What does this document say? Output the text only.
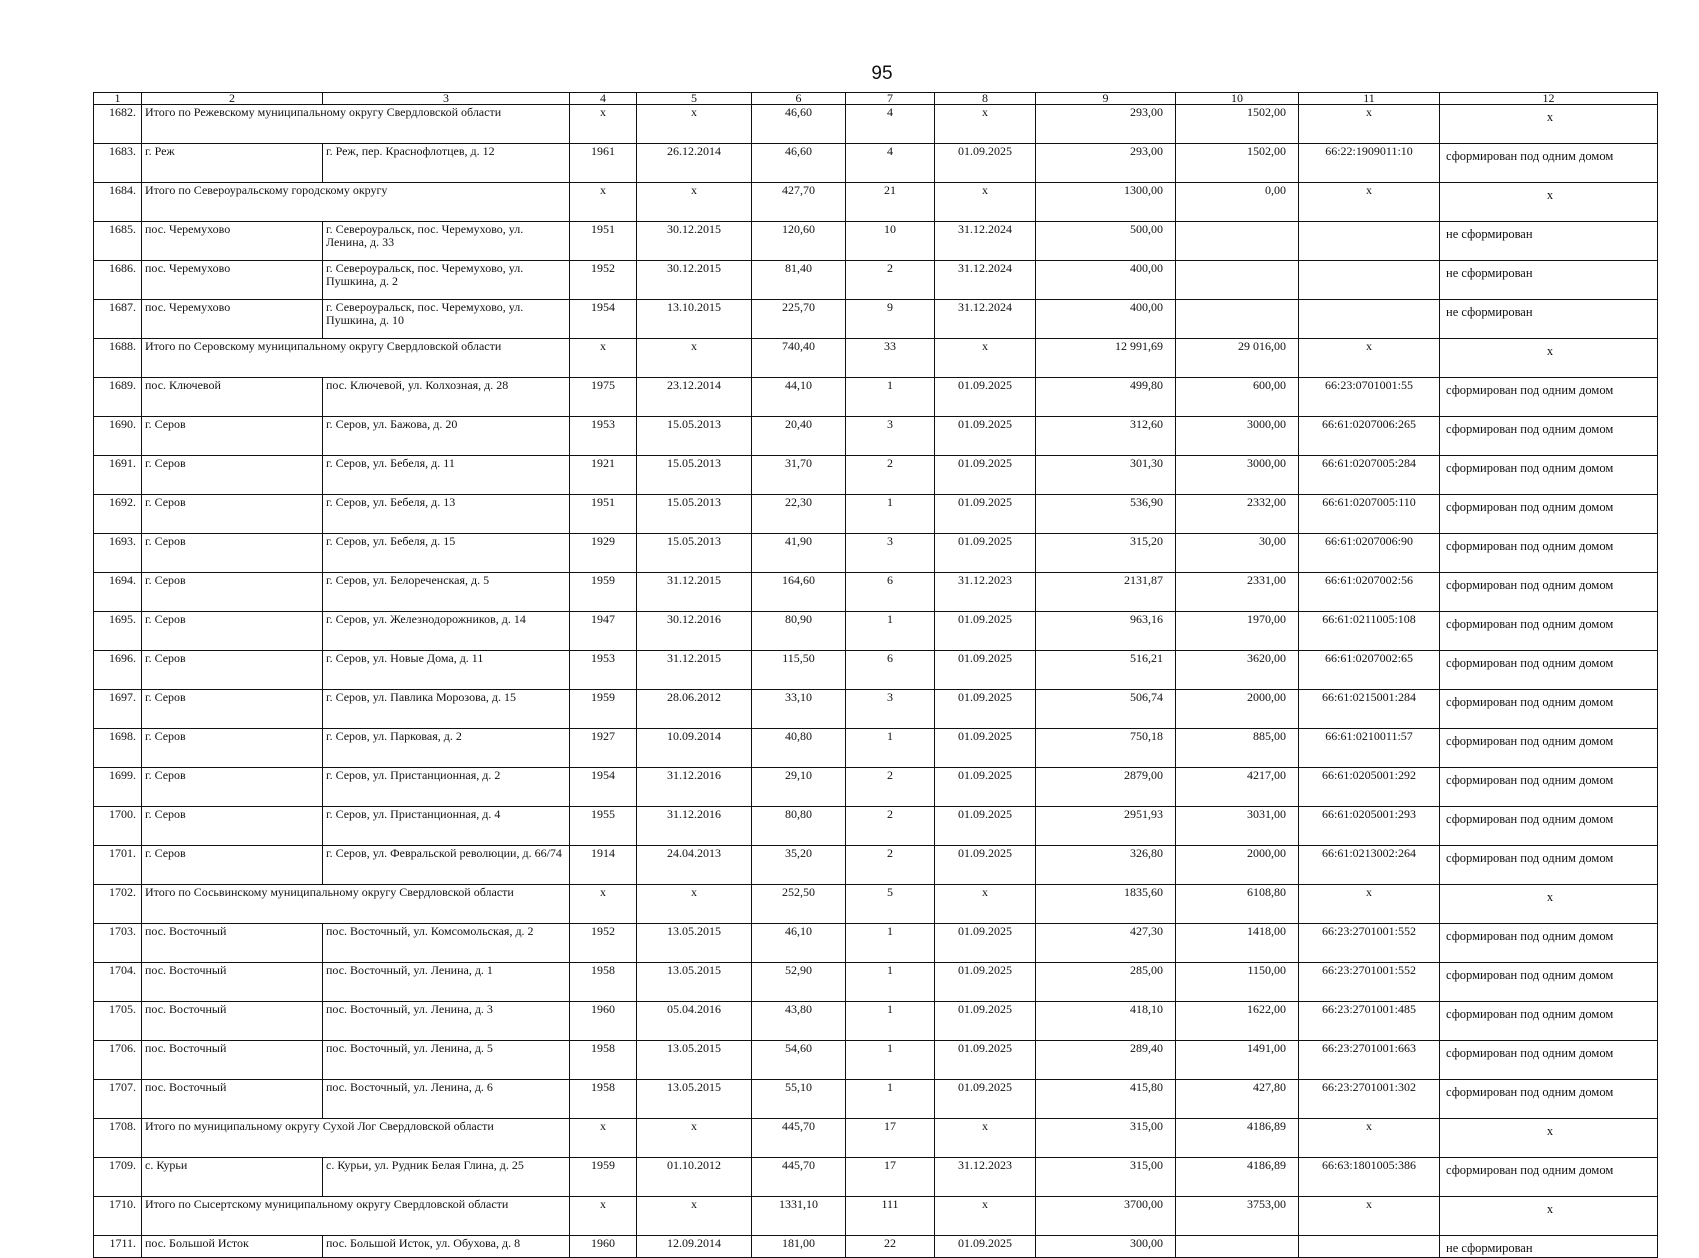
95
1	2	3	4	5	6	7	8	9	10	11	12
1682.	Итого по Режевскому муниципальному округу Свердловской области		x	x	46,60	4	x	293,00	1502,00	x	x
1683.	г. Реж	г. Реж, пер. Краснофлотцев, д. 12	1961	26.12.2014	46,60	4	01.09.2025	293,00	1502,00	66:22:1909011:10	сформирован под одним домом
1684.	Итого по Североуральскому городскому округу		x	x	427,70	21	x	1300,00	0,00	x	x
1685.	пос. Черемухово	г. Североуральск, пос. Черемухово, ул. Ленина, д. 33	1951	30.12.2015	120,60	10	31.12.2024	500,00			не сформирован
1686.	пос. Черемухово	г. Североуральск, пос. Черемухово, ул. Пушкина, д. 2	1952	30.12.2015	81,40	2	31.12.2024	400,00			не сформирован
1687.	пос. Черемухово	г. Североуральск, пос. Черемухово, ул. Пушкина, д. 10	1954	13.10.2015	225,70	9	31.12.2024	400,00			не сформирован
1688.	Итого по Серовскому муниципальному округу Свердловской области		x	x	740,40	33	x	12 991,69	29 016,00	x	x
1689.	пос. Ключевой	пос. Ключевой, ул. Колхозная, д. 28	1975	23.12.2014	44,10	1	01.09.2025	499,80	600,00	66:23:0701001:55	сформирован под одним домом
1690.	г. Серов	г. Серов, ул. Бажова, д. 20	1953	15.05.2013	20,40	3	01.09.2025	312,60	3000,00	66:61:0207006:265	сформирован под одним домом
1691.	г. Серов	г. Серов, ул. Бебеля, д. 11	1921	15.05.2013	31,70	2	01.09.2025	301,30	3000,00	66:61:0207005:284	сформирован под одним домом
1692.	г. Серов	г. Серов, ул. Бебеля, д. 13	1951	15.05.2013	22,30	1	01.09.2025	536,90	2332,00	66:61:0207005:110	сформирован под одним домом
1693.	г. Серов	г. Серов, ул. Бебеля, д. 15	1929	15.05.2013	41,90	3	01.09.2025	315,20	30,00	66:61:0207006:90	сформирован под одним домом
1694.	г. Серов	г. Серов, ул. Белореченская, д. 5	1959	31.12.2015	164,60	6	31.12.2023	2131,87	2331,00	66:61:0207002:56	сформирован под одним домом
1695.	г. Серов	г. Серов, ул. Железнодорожников, д. 14	1947	30.12.2016	80,90	1	01.09.2025	963,16	1970,00	66:61:0211005:108	сформирован под одним домом
1696.	г. Серов	г. Серов, ул. Новые Дома, д. 11	1953	31.12.2015	115,50	6	01.09.2025	516,21	3620,00	66:61:0207002:65	сформирован под одним домом
1697.	г. Серов	г. Серов, ул. Павлика Морозова, д. 15	1959	28.06.2012	33,10	3	01.09.2025	506,74	2000,00	66:61:0215001:284	сформирован под одним домом
1698.	г. Серов	г. Серов, ул. Парковая, д. 2	1927	10.09.2014	40,80	1	01.09.2025	750,18	885,00	66:61:0210011:57	сформирован под одним домом
1699.	г. Серов	г. Серов, ул. Пристанционная, д. 2	1954	31.12.2016	29,10	2	01.09.2025	2879,00	4217,00	66:61:0205001:292	сформирован под одним домом
1700.	г. Серов	г. Серов, ул. Пристанционная, д. 4	1955	31.12.2016	80,80	2	01.09.2025	2951,93	3031,00	66:61:0205001:293	сформирован под одним домом
1701.	г. Серов	г. Серов, ул. Февральской революции, д. 66/74	1914	24.04.2013	35,20	2	01.09.2025	326,80	2000,00	66:61:0213002:264	сформирован под одним домом
1702.	Итого по Сосьвинскому муниципальному округу Свердловской области		x	x	252,50	5	x	1835,60	6108,80	x	x
1703.	пос. Восточный	пос. Восточный, ул. Комсомольская, д. 2	1952	13.05.2015	46,10	1	01.09.2025	427,30	1418,00	66:23:2701001:552	сформирован под одним домом
1704.	пос. Восточный	пос. Восточный, ул. Ленина, д. 1	1958	13.05.2015	52,90	1	01.09.2025	285,00	1150,00	66:23:2701001:552	сформирован под одним домом
1705.	пос. Восточный	пос. Восточный, ул. Ленина, д. 3	1960	05.04.2016	43,80	1	01.09.2025	418,10	1622,00	66:23:2701001:485	сформирован под одним домом
1706.	пос. Восточный	пос. Восточный, ул. Ленина, д. 5	1958	13.05.2015	54,60	1	01.09.2025	289,40	1491,00	66:23:2701001:663	сформирован под одним домом
1707.	пос. Восточный	пос. Восточный, ул. Ленина, д. 6	1958	13.05.2015	55,10	1	01.09.2025	415,80	427,80	66:23:2701001:302	сформирован под одним домом
1708.	Итого по муниципальному округу Сухой Лог Свердловской области		x	x	445,70	17	x	315,00	4186,89	x	x
1709.	с. Курьи	с. Курьи, ул. Рудник Белая Глина, д. 25	1959	01.10.2012	445,70	17	31.12.2023	315,00	4186,89	66:63:1801005:386	сформирован под одним домом
1710.	Итого по Сысертскому муниципальному округу Свердловской области		x	x	1331,10	111	x	3700,00	3753,00	x	x
1711.	пос. Большой Исток	пос. Большой Исток, ул. Обухова, д. 8	1960	12.09.2014	181,00	22	01.09.2025	300,00			не сформирован
